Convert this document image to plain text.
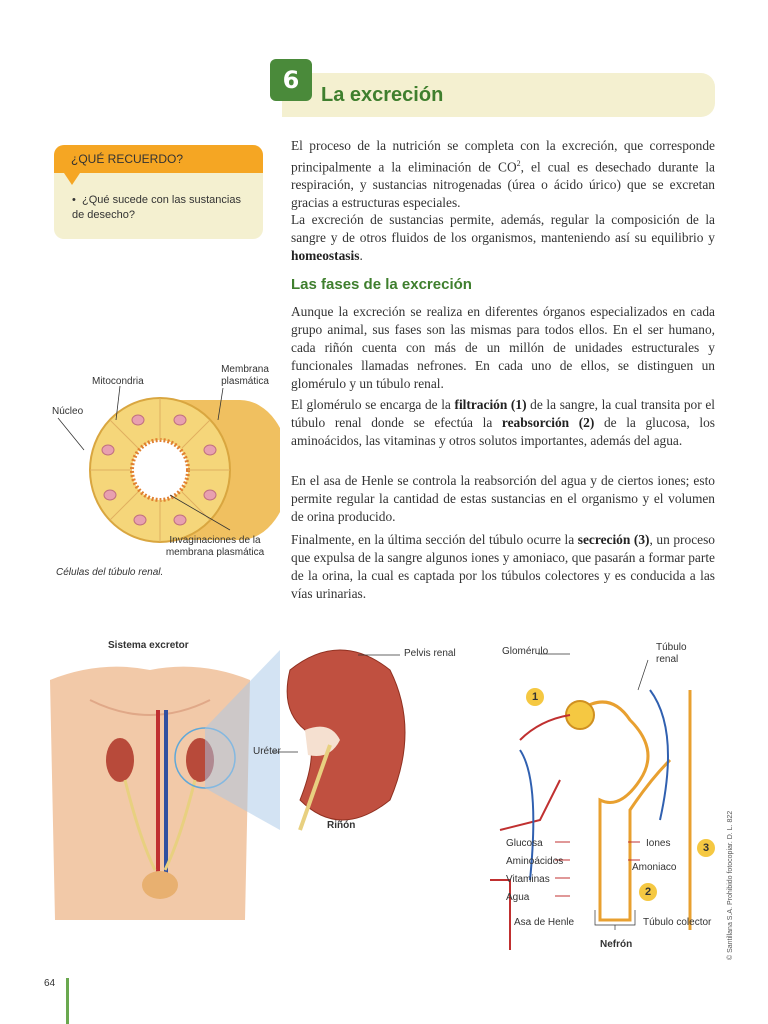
6
La excreción
¿QUÉ RECUERDO?
• ¿Qué sucede con las sustancias de desecho?
El proceso de la nutrición se completa con la excreción, que corresponde principalmente a la eliminación de $CO^2$, el cual es desechado durante la respiración, y sustancias nitrogenadas (úrea o ácido úrico) que se excretan gracias a estructuras especiales.
La excreción de sustancias permite, además, regular la composición de la sangre y de otros fluidos de los organismos, manteniendo así su equilibrio y homeostasis.
Las fases de la excreción
Aunque la excreción se realiza en diferentes órganos especializados en cada grupo animal, sus fases son las mismas para todos ellos. En el ser humano, cada riñón cuenta con más de un millón de unidades estructurales y funcionales llamadas nefrones. En cada uno de ellos, se distinguen un glomérulo y un túbulo renal.
El glomérulo se encarga de la filtración (1) de la sangre, la cual transita por el túbulo renal donde se efectúa la reabsorción (2) de la glucosa, los aminoácidos, las vitaminas y otros solutos importantes, además del agua.
En el asa de Henle se controla la reabsorción del agua y de ciertos iones; esto permite regular la cantidad de estas sustancias en el organismo y el volumen de orina producido.
Finalmente, en la última sección del túbulo ocurre la secreción (3), un proceso que expulsa de la sangre algunos iones y amoniaco, que pasarán a formar parte de la orina, la cual es captada por los túbulos colectores y es conducida a las vías urinarias.
Membrana plasmática
Mitocondria
Núcleo
Invaginaciones de la membrana plasmática
Células del túbulo renal.
Sistema excretor
Pelvis renal
Uréter
Riñón
Glomérulo	Túbulo renal
Glucosa
Aminoácidos
Vitaminas
Agua
Iones
Amoniaco
Asa de Henle	Túbulo colector
Nefrón
1
2
3
64
© Santillana S.A. Prohibido fotocopiar. D. L. 822
